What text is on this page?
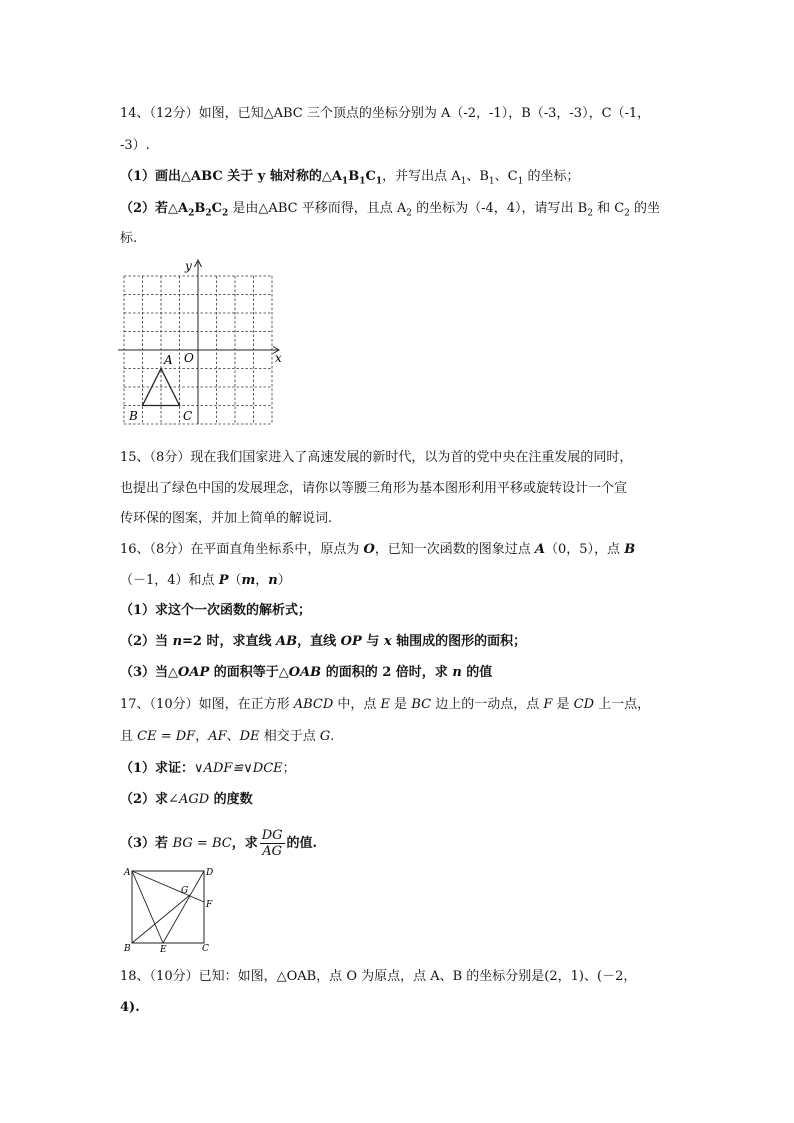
14、（12分）如图，已知△ABC 三个顶点的坐标分别为 A（-2，-1），B（-3，-3），C（-1，
-3）.
（1）画出△ABC 关于 y 轴对称的$\triangle A_1B_1C_1$，并写出点 $A_1$、$B_1$、$C_1$ 的坐标；
（2）若$\triangle A_2B_2C_2$ 是由△ABC 平移而得，且点 $A_2$ 的坐标为（-4，4），请写出 $B_2$ 和 $C_2$ 的坐
标.
y
x
O
A
B	C
15、（8分）现在我们国家进入了高速发展的新时代，以为首的党中央在注重发展的同时，
也提出了绿色中国的发展理念，请你以等腰三角形为基本图形利用平移或旋转设计一个宣
传环保的图案，并加上简单的解说词.
16、（8分）在平面直角坐标系中，原点为 O，已知一次函数的图象过点 A（0，5），点 B
（－1，4）和点 P（m，n）
（1）求这个一次函数的解析式；
（2）当 n=2 时，求直线 AB，直线 OP 与 x 轴围成的图形的面积；
（3）当△OAP 的面积等于△OAB 的面积的 2 倍时，求 n 的值
17、（10分）如图，在正方形 ABCD 中，点 E 是 BC 边上的一动点，点 F 是 CD 上一点，
且 CE = DF，AF、DE 相交于点 G.
（1）求证：∨ADF≌∨DCE；
（2）求∠AGD 的度数
（3）若 BG = BC，求 $\frac{DG}{AG}$ 的值.
A	D
G
F
B	E	C
18、（10分）已知：如图，△OAB，点 O 为原点，点 A、B 的坐标分别是(2，1)、(－2，
4).
